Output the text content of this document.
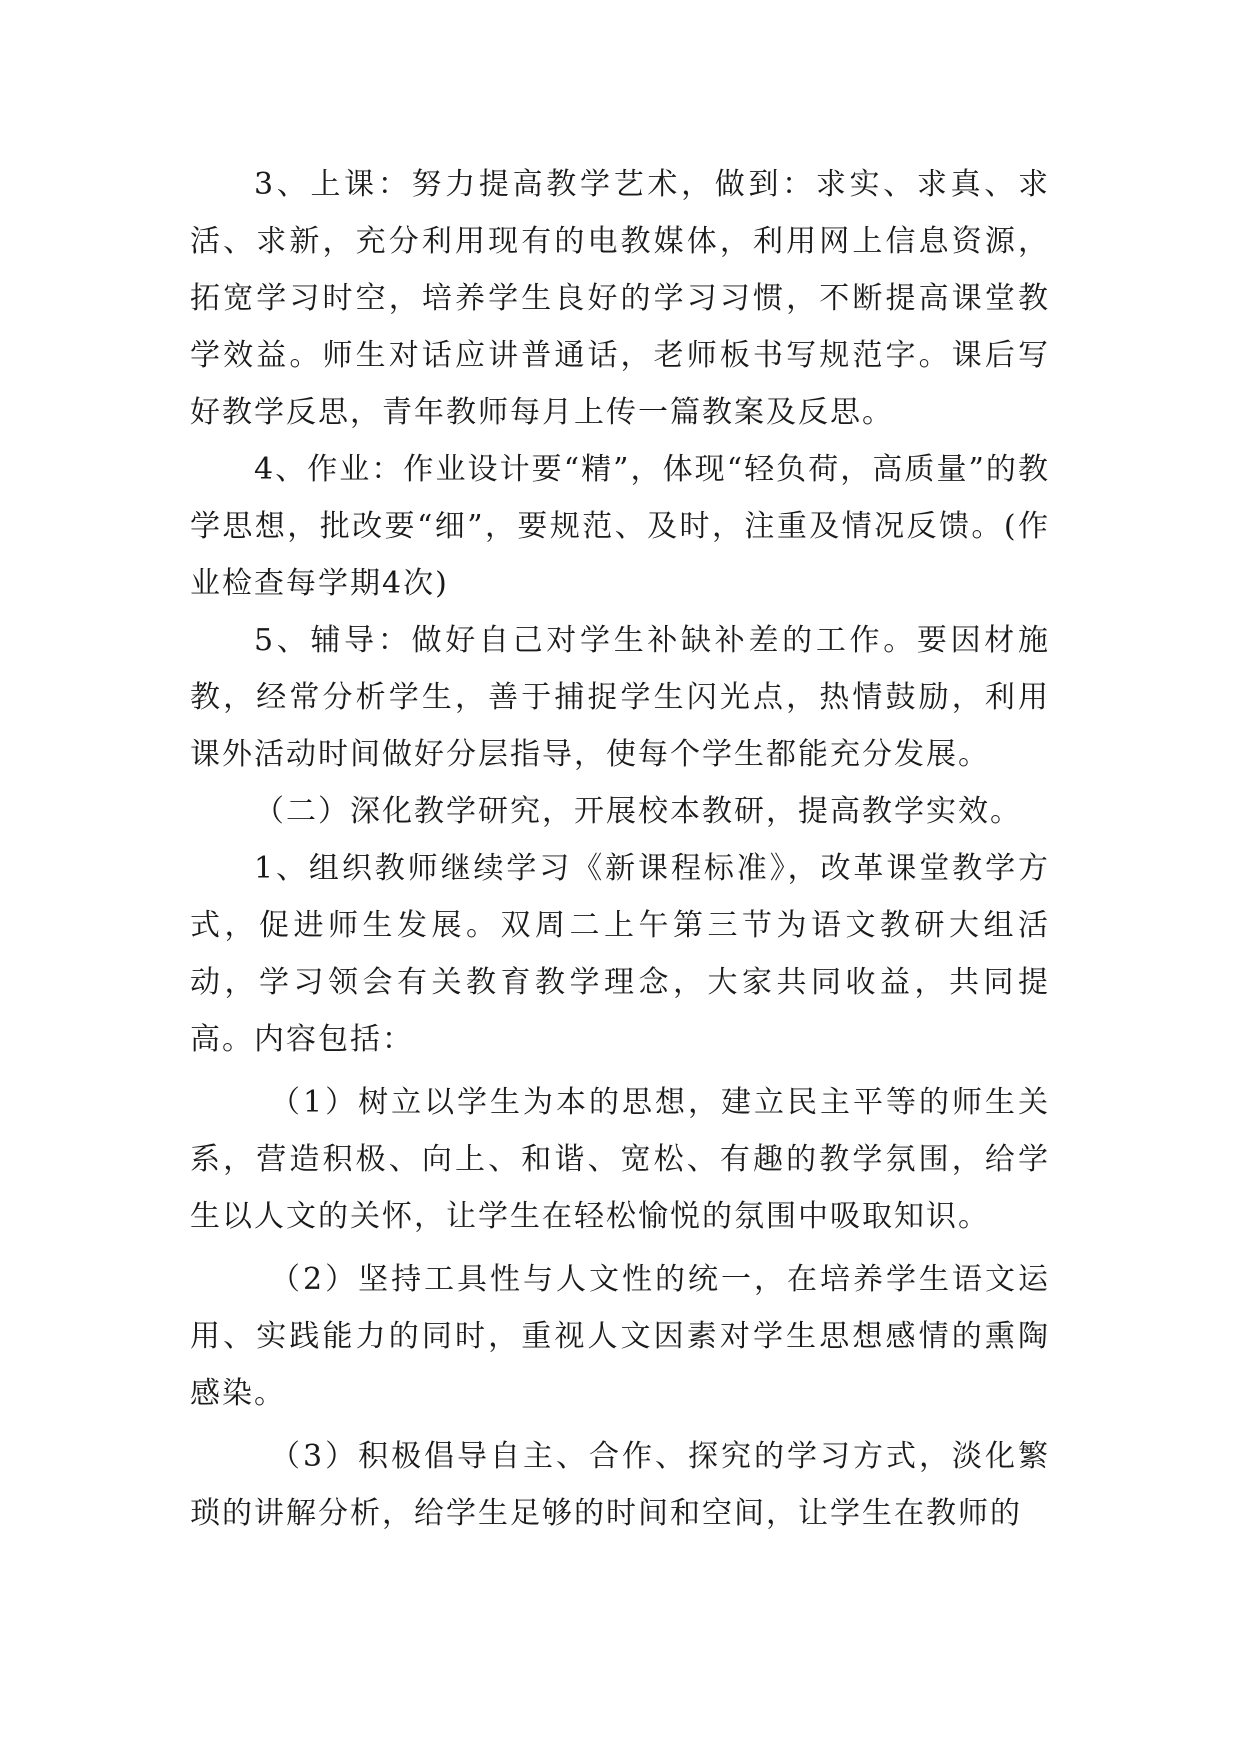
3、上课：努力提高教学艺术，做到：求实、求真、求活、求新，充分利用现有的电教媒体，利用网上信息资源，拓宽学习时空，培养学生良好的学习习惯，不断提高课堂教学效益。师生对话应讲普通话，老师板书写规范字。课后写好教学反思，青年教师每月上传一篇教案及反思。

4、作业：作业设计要“精”，体现“轻负荷，高质量”的教学思想，批改要“细”，要规范、及时，注重及情况反馈。(作业检查每学期4次)

5、辅导：做好自己对学生补缺补差的工作。要因材施教，经常分析学生，善于捕捉学生闪光点，热情鼓励，利用课外活动时间做好分层指导，使每个学生都能充分发展。

（二）深化教学研究，开展校本教研，提高教学实效。

1、组织教师继续学习《新课程标准》，改革课堂教学方式，促进师生发展。双周二上午第三节为语文教研大组活动，学习领会有关教育教学理念，大家共同收益，共同提高。内容包括：

（1）树立以学生为本的思想，建立民主平等的师生关系，营造积极、向上、和谐、宽松、有趣的教学氛围，给学生以人文的关怀，让学生在轻松愉悦的氛围中吸取知识。

（2）坚持工具性与人文性的统一，在培养学生语文运用、实践能力的同时，重视人文因素对学生思想感情的熏陶感染。

（3）积极倡导自主、合作、探究的学习方式，淡化繁琐的讲解分析，给学生足够的时间和空间，让学生在教师的
